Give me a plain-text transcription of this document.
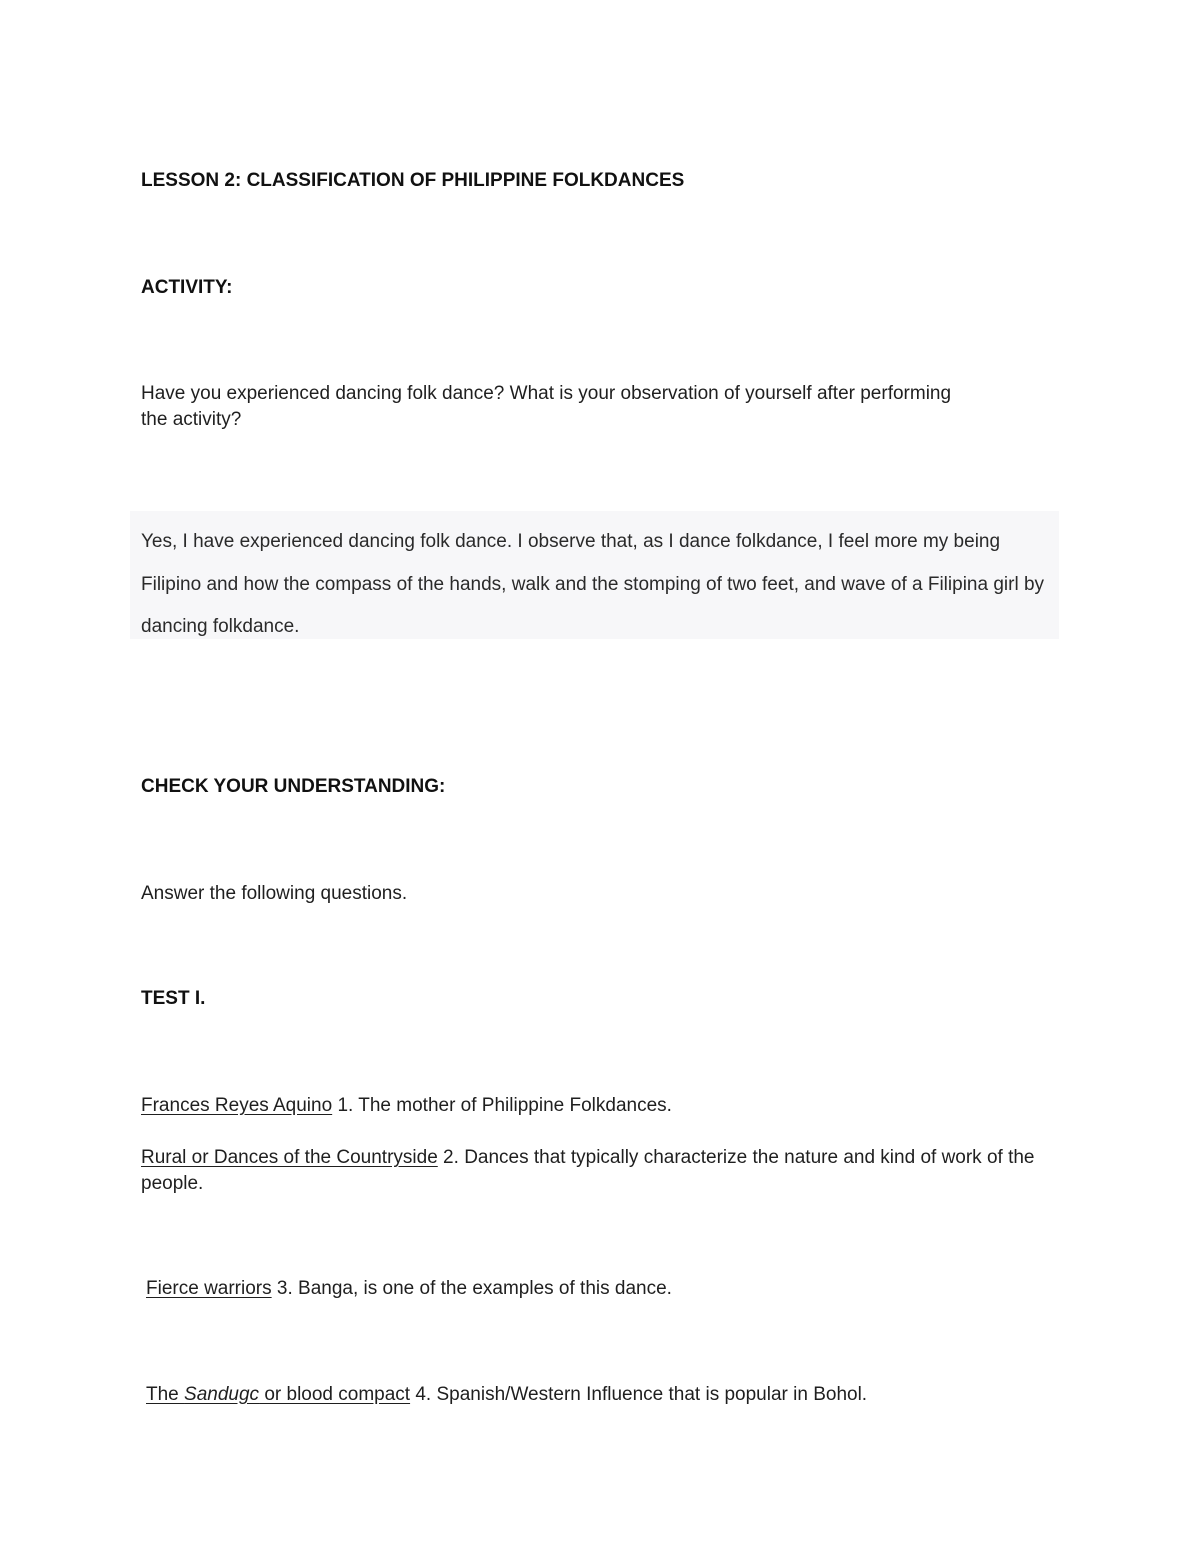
LESSON 2: CLASSIFICATION OF PHILIPPINE FOLKDANCES
ACTIVITY:
Have you experienced dancing folk dance? What is your observation of yourself after performing the activity?
Yes, I have experienced dancing folk dance. I observe that, as I dance folkdance, I feel more my being Filipino and how the compass of the hands, walk and the stomping of two feet, and wave of a Filipina girl by dancing folkdance.
CHECK YOUR UNDERSTANDING:
Answer the following questions.
TEST I.
Frances Reyes Aquino 1. The mother of Philippine Folkdances.
Rural or Dances of the Countryside 2. Dances that typically characterize the nature and kind of work of the people.
Fierce warriors 3. Banga, is one of the examples of this dance.
The Sandugc or blood compact 4. Spanish/Western Influence that is popular in Bohol.
